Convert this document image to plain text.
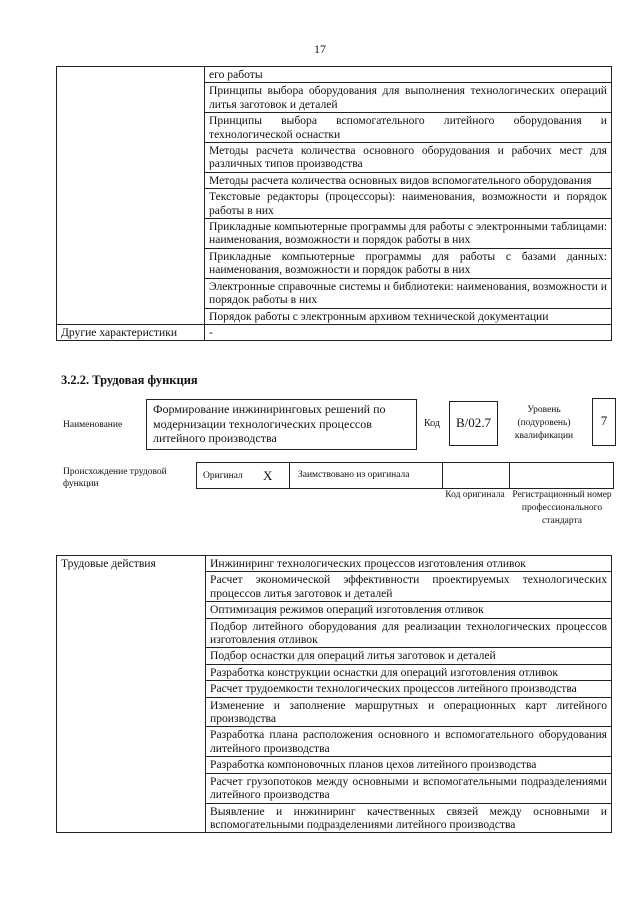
17
	его работы
	Принципы выбора оборудования для выполнения технологических операций литья заготовок и деталей
	Принципы выбора вспомогательного литейного оборудования и технологической оснастки
	Методы расчета количества основного оборудования и рабочих мест для различных типов производства
	Методы расчета количества основных видов вспомогательного оборудования
	Текстовые редакторы (процессоры): наименования, возможности и порядок работы в них
	Прикладные компьютерные программы для работы с электронными таблицами: наименования, возможности и порядок работы в них
	Прикладные компьютерные программы для работы с базами данных: наименования, возможности и порядок работы в них
	Электронные справочные системы и библиотеки: наименования, возможности и порядок работы в них
	Порядок работы с электронным архивом технической документации
Другие характеристики	-
3.2.2. Трудовая функция
Наименование
Формирование инжиниринговых решений по модернизации технологических процессов литейного производства
Код	В/02.7
Уровень (подуровень) квалификации
7
Происхождение трудовой функции
Оригинал X	Заимствовано из оригинала
Код оригинала Регистрационный номер профессионального стандарта
Трудовые действия	Инжиниринг технологических процессов изготовления отливок
Расчет экономической эффективности проектируемых технологических процессов литья заготовок и деталей
Оптимизация режимов операций изготовления отливок
Подбор литейного оборудования для реализации технологических процессов изготовления отливок
Подбор оснастки для операций литья заготовок и деталей
Разработка конструкции оснастки для операций изготовления отливок
Расчет трудоемкости технологических процессов литейного производства
Изменение и заполнение маршрутных и операционных карт литейного производства
Разработка плана расположения основного и вспомогательного оборудования литейного производства
Разработка компоновочных планов цехов литейного производства
Расчет грузопотоков между основными и вспомогательными подразделениями литейного производства
Выявление и инжиниринг качественных связей между основными и вспомогательными подразделениями литейного производства
